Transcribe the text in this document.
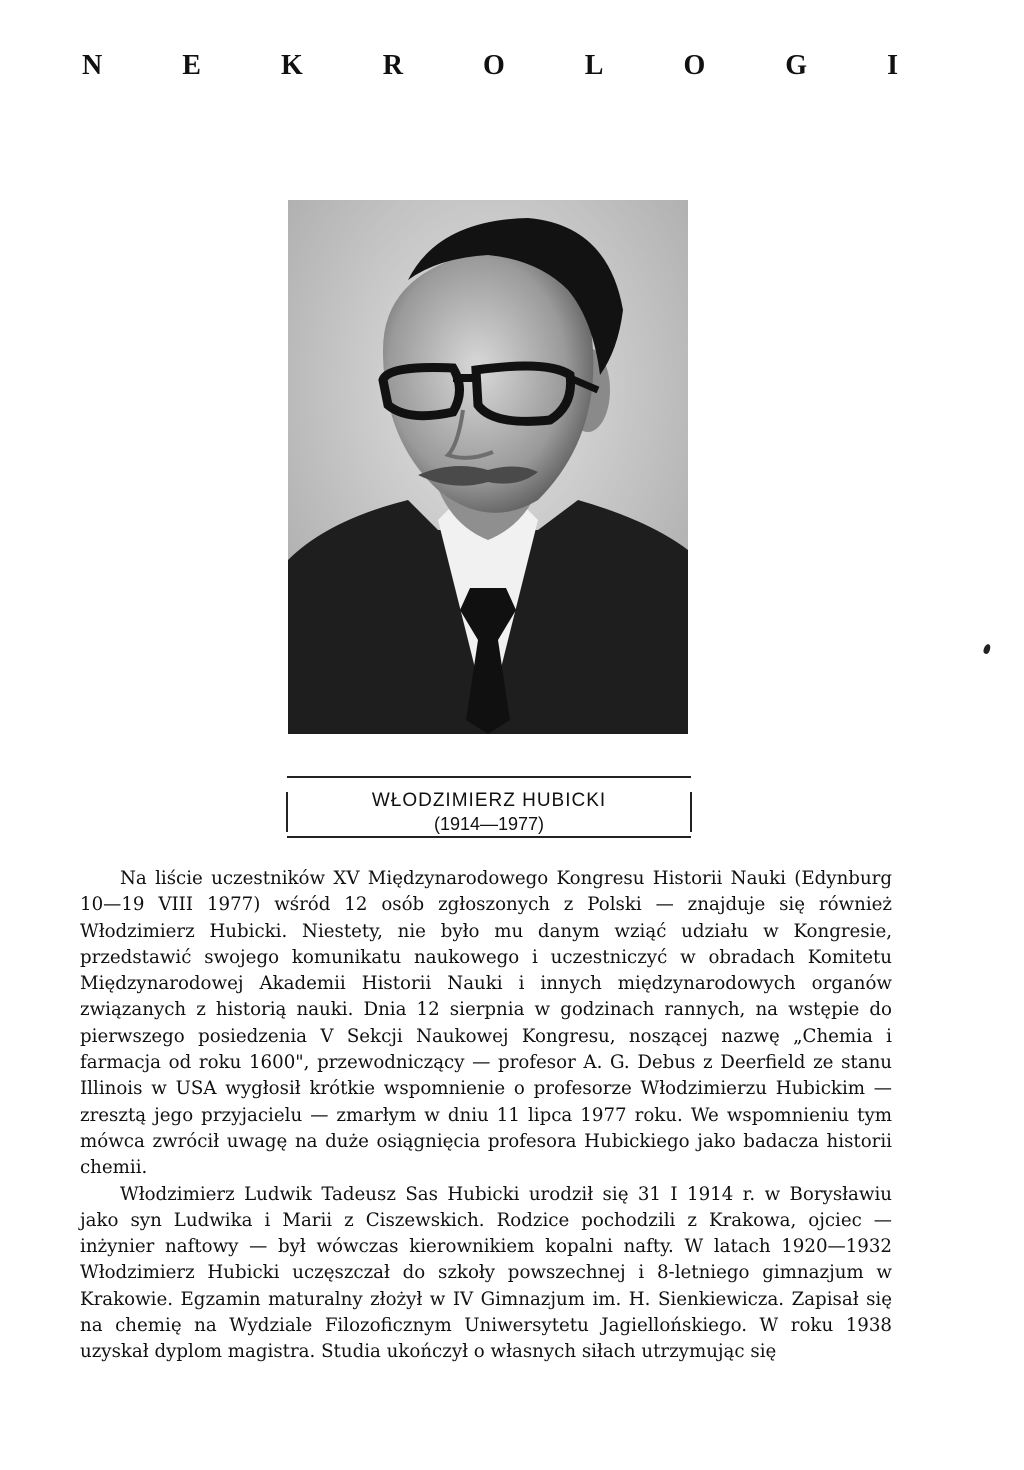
N	E	K	R	O	L	O	G	I
WŁODZIMIERZ HUBICKI
(1914—1977)

Na liście uczestników XV Międzynarodowego Kongresu Historii Nauki (Edynburg 10—19 VIII 1977) wśród 12 osób zgłoszonych z Polski — znajduje się również Włodzimierz Hubicki. Niestety, nie było mu danym wziąć udziału w Kongresie, przedstawić swojego komunikatu naukowego i uczestniczyć w obradach Komitetu Międzynarodowej Akademii Historii Nauki i innych międzynarodowych organów związanych z historią nauki. Dnia 12 sierpnia w godzinach rannych, na wstępie do pierwszego posiedzenia V Sekcji Naukowej Kongresu, noszącej nazwę „Chemia i farmacja od roku 1600", przewodniczący — profesor A. G. Debus z Deerfield ze stanu Illinois w USA wygłosił krótkie wspomnienie o profesorze Włodzimierzu Hubickim — zresztą jego przyjacielu — zmarłym w dniu 11 lipca 1977 roku. We wspomnieniu tym mówca zwrócił uwagę na duże osiągnięcia profesora Hubickiego jako badacza historii chemii.

Włodzimierz Ludwik Tadeusz Sas Hubicki urodził się 31 I 1914 r. w Borysławiu jako syn Ludwika i Marii z Ciszewskich. Rodzice pochodzili z Krakowa, ojciec — inżynier naftowy — był wówczas kierownikiem kopalni nafty. W latach 1920—1932 Włodzimierz Hubicki uczęszczał do szkoły powszechnej i 8-letniego gimnazjum w Krakowie. Egzamin maturalny złożył w IV Gimnazjum im. H. Sienkiewicza. Zapisał się na chemię na Wydziale Filozoficznym Uniwersytetu Jagiellońskiego. W roku 1938 uzyskał dyplom magistra. Studia ukończył o własnych siłach utrzymując się
